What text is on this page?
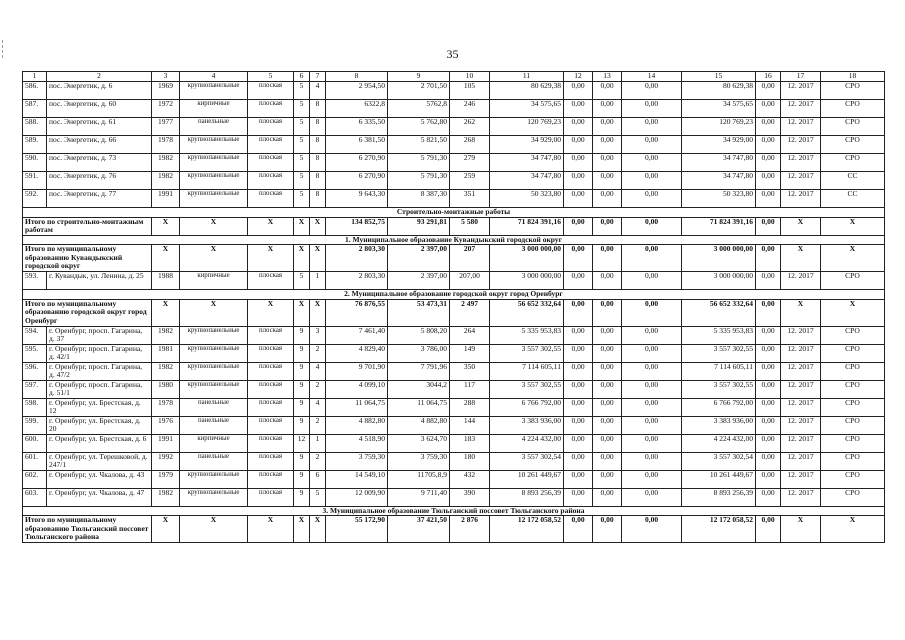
35
1	2	3	4	5	6	7	8	9	10	11	12	13	14	15	16	17	18
586.	пос. Энергетик, д. 6	1969	крупнопанельные	плоская	5	4	2 954,50	2 701,50	105	80 629,38	0,00	0,00	0,00	80 629,38	0,00	12. 2017	СРО
587.	пос. Энергетик, д. 60	1972	кирпичные	плоская	5	8	6322,8	5762,8	246	34 575,65	0,00	0,00	0,00	34 575,65	0,00	12. 2017	СРО
588.	пос. Энергетик, д. 61	1977	панельные	плоская	5	8	6 335,50	5 762,80	262	120 769,23	0,00	0,00	0,00	120 769,23	0,00	12. 2017	СРО
589.	пос. Энергетик, д. 66	1978	крупнопанельные	плоская	5	8	6 381,50	5 821,50	268	34 929,00	0,00	0,00	0,00	34 929,00	0,00	12. 2017	СРО
590.	пос. Энергетик, д. 73	1982	крупнопанельные	плоская	5	8	6 270,90	5 791,30	279	34 747,80	0,00	0,00	0,00	34 747,80	0,00	12. 2017	СРО
591.	пос. Энергетик, д. 76	1982	крупнопанельные	плоская	5	8	6 270,90	5 791,30	259	34 747,80	0,00	0,00	0,00	34 747,80	0,00	12. 2017	СС
592.	пос. Энергетик, д. 77	1991	крупнопанельные	плоская	5	8	9 643,30	8 387,30	351	50 323,80	0,00	0,00	0,00	50 323,80	0,00	12. 2017	СС
Строительно-монтажные работы																	
Итого по строительно-монтажным работам		X	X	X	X	X	134 852,75	93 291,81	5 580	71 824 391,16	0,00	0,00	0,00	71 824 391,16	0,00	X	X
1. Муниципальное образование Кувандыкский городской округ																	
Итого по муниципальному образованию Кувандыкский городской округ		X	X	X	X	X	2 803,30	2 397,00	207	3 000 000,00	0,00	0,00	0,00	3 000 000,00	0,00	X	X
593.	г. Кувандык, ул. Ленина, д. 25	1988	кирпичные	плоская	5	1	2 803,30	2 397,00	207,00	3 000 000,00	0,00	0,00	0,00	3 000 000,00	0,00	12. 2017	СРО
2. Муниципальное образование городской округ город Оренбург																	
Итого по муниципальному образованию городской округ город Оренбург		X	X	X	X	X	76 876,55	53 473,31	2 497	56 652 332,64	0,00	0,00	0,00	56 652 332,64	0,00	X	X
594.	г. Оренбург, просп. Гагарина, д. 37	1982	крупнопанельные	плоская	9	3	7 461,40	5 808,20	264	5 335 953,83	0,00	0,00	0,00	5 335 953,83	0,00	12. 2017	СРО
595.	г. Оренбург, просп. Гагарина, д. 42/1	1981	крупнопанельные	плоская	9	2	4 829,40	3 786,00	149	3 557 302,55	0,00	0,00	0,00	3 557 302,55	0,00	12. 2017	СРО
596.	г. Оренбург, просп. Гагарина, д. 47/2	1982	крупнопанельные	плоская	9	4	9 701,90	7 791,96	350	7 114 605,11	0,00	0,00	0,00	7 114 605,11	0,00	12. 2017	СРО
597.	г. Оренбург, просп. Гагарина, д. 51/1	1980	крупнопанельные	плоская	9	2	4 099,10	3044,2	117	3 557 302,55	0,00	0,00	0,00	3 557 302,55	0,00	12. 2017	СРО
598.	г. Оренбург, ул. Брестская, д. 12	1978	панельные	плоская	9	4	11 064,75	11 064,75	288	6 766 792,00	0,00	0,00	0,00	6 766 792,00	0,00	12. 2017	СРО
599.	г. Оренбург, ул. Брестская, д. 20	1976	панельные	плоская	9	2	4 882,80	4 882,80	144	3 383 936,00	0,00	0,00	0,00	3 383 936,00	0,00	12. 2017	СРО
600.	г. Оренбург, ул. Брестская, д. 6	1991	кирпичные	плоская	12	1	4 518,90	3 624,70	183	4 224 432,00	0,00	0,00	0,00	4 224 432,00	0,00	12. 2017	СРО
601.	г. Оренбург, ул. Терешковой, д. 247/1	1992	панельные	плоская	9	2	3 759,30	3 759,30	180	3 557 302,54	0,00	0,00	0,00	3 557 302,54	0,00	12. 2017	СРО
602.	г. Оренбург, ул. Чкалова, д. 43	1979	крупнопанельные	плоская	9	6	14 549,10	11705,8,9	432	10 261 449,67	0,00	0,00	0,00	10 261 449,67	0,00	12. 2017	СРО
603.	г. Оренбург, ул. Чкалова, д. 47	1982	крупнопанельные	плоская	9	5	12 009,90	9 711,40	390	8 893 256,39	0,00	0,00	0,00	8 893 256,39	0,00	12. 2017	СРО
3. Муниципальное образование Тюльганский поссовет Тюльганского района																	
Итого по муниципальному образованию Тюльганский поссовет Тюльганского района		X	X	X	X	X	55 172,90	37 421,50	2 876	12 172 058,52	0,00	0,00	0,00	12 172 058,52	0,00	X	X
